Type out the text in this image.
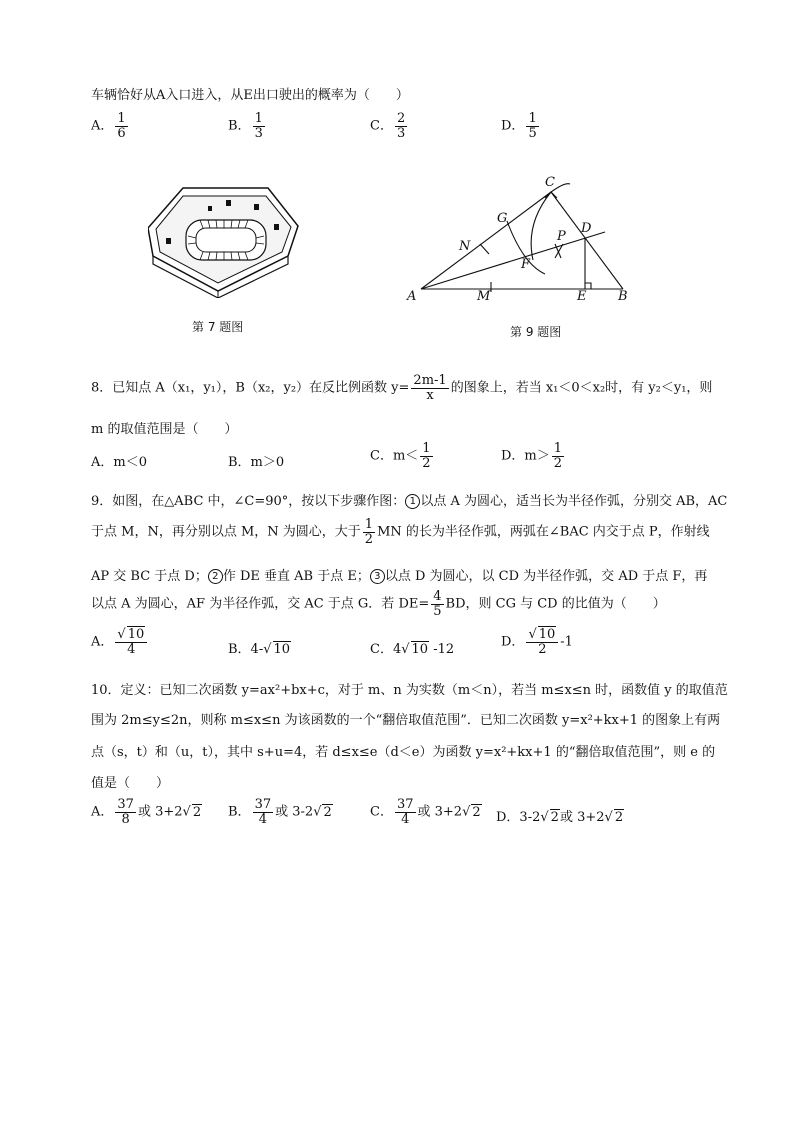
车辆恰好从A入口进入，从E出口驶出的概率为（　　）
A． $\frac{1}{6}$	B． $\frac{1}{3}$	C． $\frac{2}{3}$	D． $\frac{1}{5}$
第 7 题图
A	B
C
D
E
F
G
M
N
P
第 9 题图
8．已知点 A（x₁，y₁），B（x₂，y₂）在反比例函数 $y= \frac{2m-1}{x}$ 的图象上，若当 x₁＜0＜x₂时，有 y₂＜y₁，则
m 的取值范围是（　　）
A．m＜0	B．m＞0	C．$m< \frac{1}{2}$	D．$m> \frac{1}{2}$
9．如图，在△ABC 中，∠C=90°，按以下步骤作图： 1 以点 A 为圆心，适当长为半径作弧，分别交 AB，AC
于点 M，N，再分别以点 M，N 为圆心，大于 $\frac{1}{2}$ MN 的长为半径作弧，两弧在∠BAC 内交于点 P，作射线
AP 交 BC 于点 D； 2 作 DE 垂直 AB 于点 E； 3 以点 D 为圆心，以 CD 为半径作弧，交 AD 于点 F，再
以点 A 为圆心，AF 为半径作弧，交 AC 于点 G．若 $DE= \frac{4}{5}$ BD，则 CG 与 CD 的比值为（　　）
A． $\frac{√ 10}{4}$	B．4-√ 10	C．4√ 10 -12	D． $\frac{√ 10}{2} -1$
10．定义：已知二次函数 y=ax²+bx+c，对于 m、n 为实数（m＜n），若当 m≤x≤n 时，函数值 y 的取值范
围为 2m≤y≤2n，则称 m≤x≤n 为该函数的一个“翻倍取值范围”．已知二次函数 y=x²+kx+1 的图象上有两
点（s，t）和（u，t），其中 s+u=4，若 d≤x≤e（d＜e）为函数 y=x²+kx+1 的“翻倍取值范围”，则 e 的
值是（　　）
A． $\frac{37}{8}$ 或 3+2√ 2 B． $\frac{37}{4}$ 或 3-2√ 2	C． $\frac{37}{4}$ 或 3+2√ 2 D．3-2√ 2或 3+2√ 2
